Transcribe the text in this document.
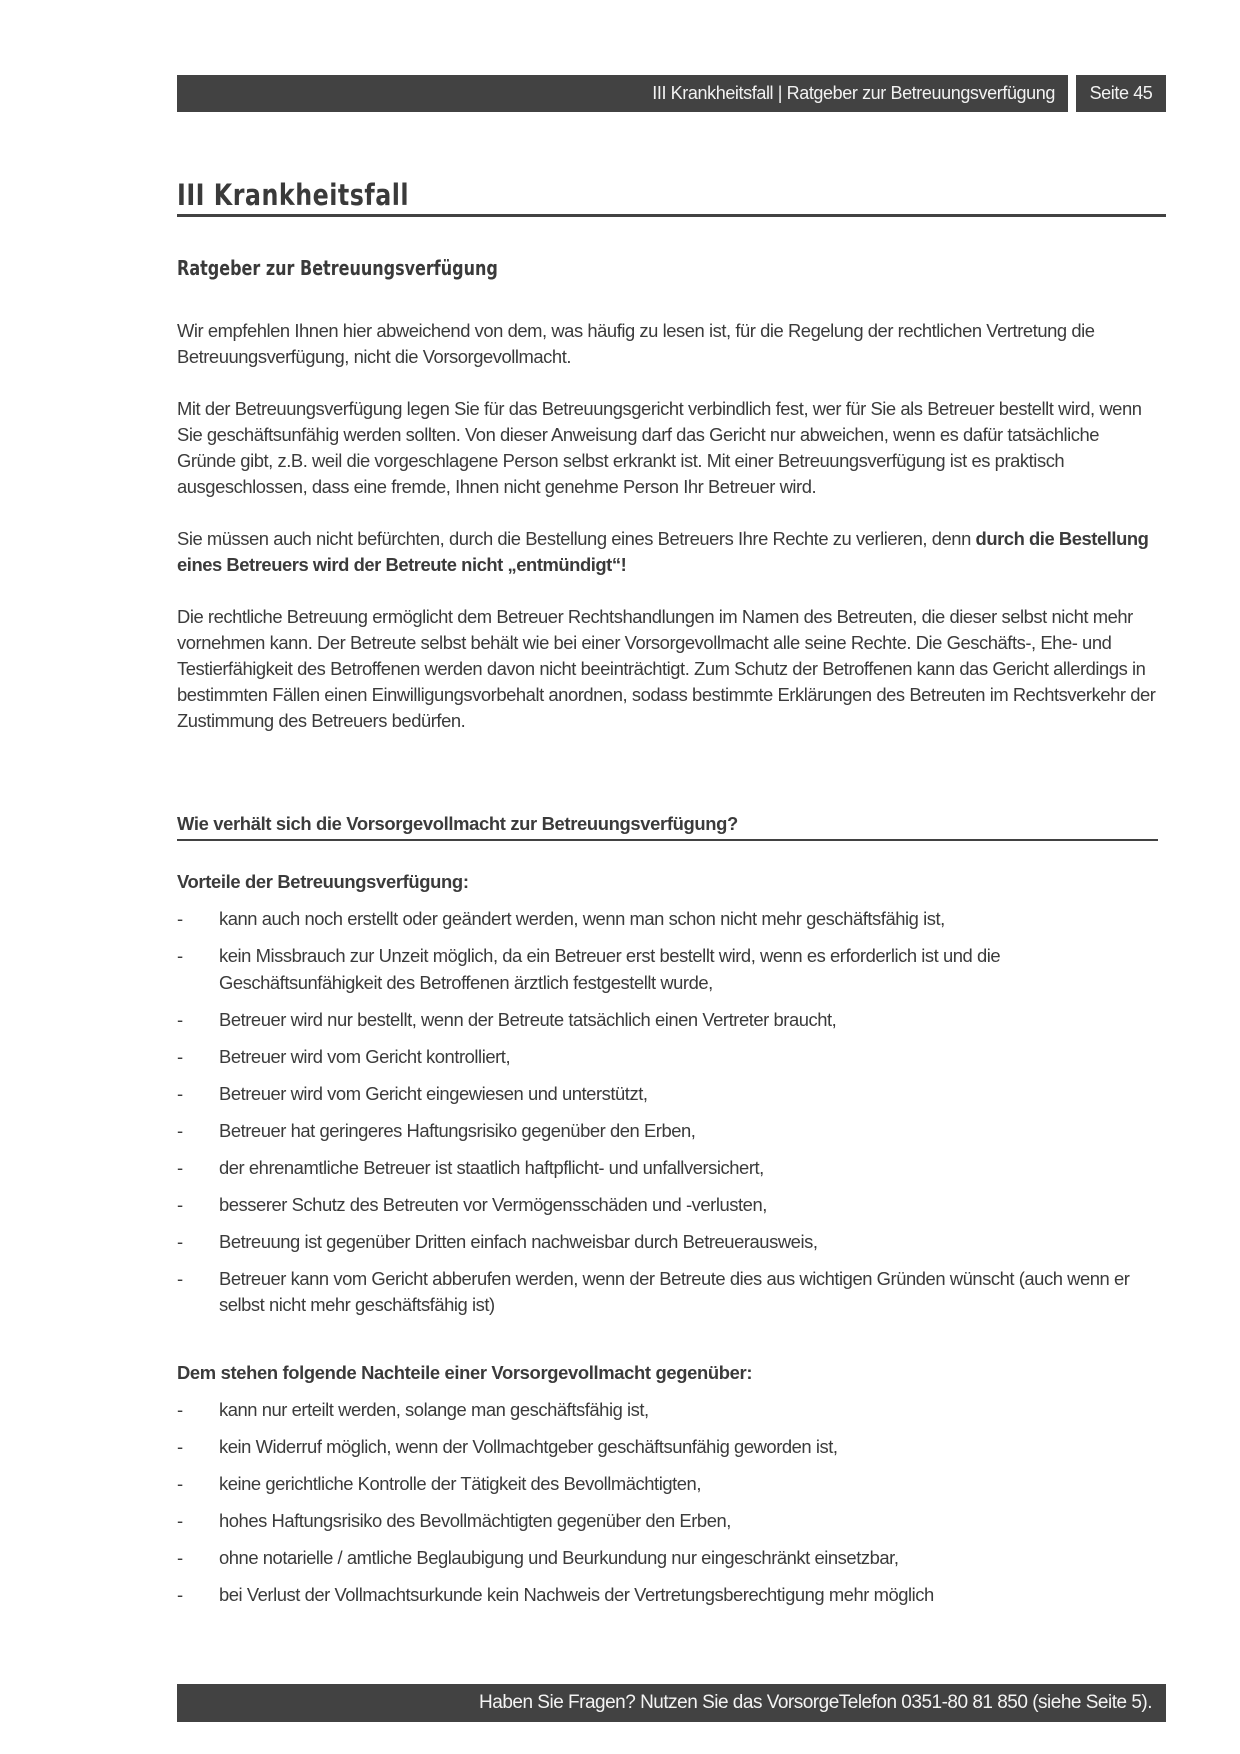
III Krankheitsfall | Ratgeber zur Betreuungsverfügung	Seite 45
III Krankheitsfall
Ratgeber zur Betreuungsverfügung

Wir empfehlen Ihnen hier abweichend von dem, was häufig zu lesen ist, für die Regelung der rechtlichen Vertretung die Betreuungsverfügung, nicht die Vorsorgevollmacht.

Mit der Betreuungsverfügung legen Sie für das Betreuungsgericht verbindlich fest, wer für Sie als Betreuer bestellt wird, wenn Sie geschäftsunfähig werden sollten. Von dieser Anweisung darf das Gericht nur abweichen, wenn es dafür tatsächliche Gründe gibt, z.B. weil die vorgeschlagene Person selbst erkrankt ist. Mit einer Betreuungsverfügung ist es praktisch ausgeschlossen, dass eine fremde, Ihnen nicht genehme Person Ihr Betreuer wird.

Sie müssen auch nicht befürchten, durch die Bestellung eines Betreuers Ihre Rechte zu verlieren, denn durch die Bestellung eines Betreuers wird der Betreute nicht „entmündigt“!

Die rechtliche Betreuung ermöglicht dem Betreuer Rechtshandlungen im Namen des Betreuten, die dieser selbst nicht mehr vornehmen kann. Der Betreute selbst behält wie bei einer Vorsorgevollmacht alle seine Rechte. Die Geschäfts-, Ehe- und Testierfähigkeit des Betroffenen werden davon nicht beeinträchtigt. Zum Schutz der Betroffenen kann das Gericht allerdings in bestimmten Fällen einen Einwilligungsvorbehalt anordnen, sodass bestimmte Erklärungen des Betreuten im Rechtsverkehr der Zustimmung des Betreuers bedürfen.

Wie verhält sich die Vorsorgevollmacht zur Betreuungsverfügung?
Vorteile der Betreuungsverfügung:
- kann auch noch erstellt oder geändert werden, wenn man schon nicht mehr geschäftsfähig ist,
- kein Missbrauch zur Unzeit möglich, da ein Betreuer erst bestellt wird, wenn es erforderlich ist und die Geschäftsunfähigkeit des Betroffenen ärztlich festgestellt wurde,
- Betreuer wird nur bestellt, wenn der Betreute tatsächlich einen Vertreter braucht,
- Betreuer wird vom Gericht kontrolliert,
- Betreuer wird vom Gericht eingewiesen und unterstützt,
- Betreuer hat geringeres Haftungsrisiko gegenüber den Erben,
- der ehrenamtliche Betreuer ist staatlich haftpflicht- und unfallversichert,
- besserer Schutz des Betreuten vor Vermögensschäden und -verlusten,
- Betreuung ist gegenüber Dritten einfach nachweisbar durch Betreuerausweis,
- Betreuer kann vom Gericht abberufen werden, wenn der Betreute dies aus wichtigen Gründen wünscht (auch wenn er selbst nicht mehr geschäftsfähig ist)
Dem stehen folgende Nachteile einer Vorsorgevollmacht gegenüber:
- kann nur erteilt werden, solange man geschäftsfähig ist,
- kein Widerruf möglich, wenn der Vollmachtgeber geschäftsunfähig geworden ist,
- keine gerichtliche Kontrolle der Tätigkeit des Bevollmächtigten,
- hohes Haftungsrisiko des Bevollmächtigten gegenüber den Erben,
- ohne notarielle / amtliche Beglaubigung und Beurkundung nur eingeschränkt einsetzbar,
- bei Verlust der Vollmachtsurkunde kein Nachweis der Vertretungsberechtigung mehr möglich
Haben Sie Fragen? Nutzen Sie das VorsorgeTelefon 0351-80 81 850 (siehe Seite 5).
